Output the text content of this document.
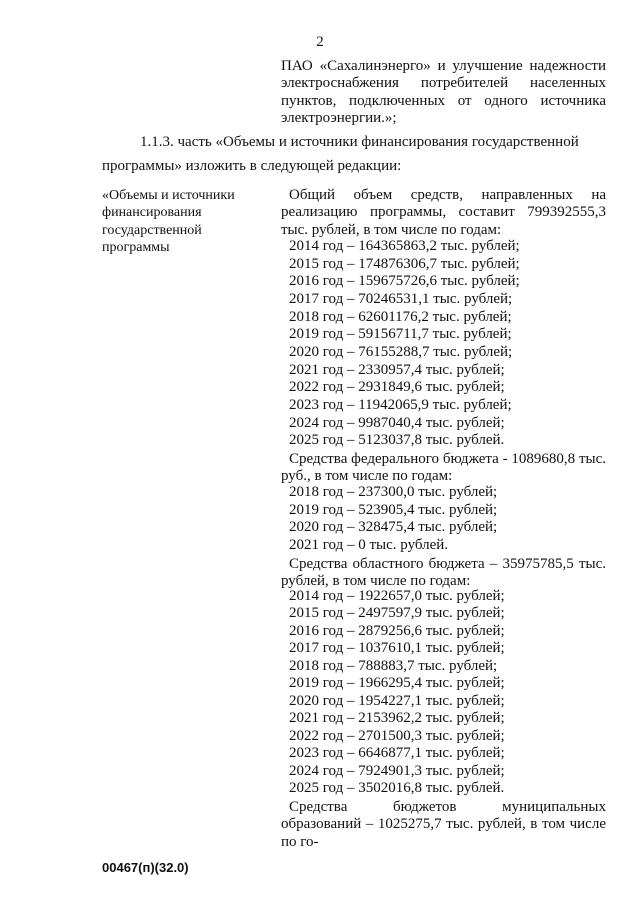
2
ПАО «Сахалинэнерго» и улучшение надежности электроснабжения потребителей населенных пунктов, подключенных от одного источника электроэнергии.»;
1.1.3. часть «Объемы и источники финансирования государственной
программы» изложить в следующей редакции:
«Объемы и источники финансирования государственной программы
Общий объем средств, направленных на реализацию программы, составит 799392555,3 тыс. рублей, в том числе по годам:
2014 год – 164365863,2 тыс. рублей;
2015 год – 174876306,7 тыс. рублей;
2016 год – 159675726,6 тыс. рублей;
2017 год – 70246531,1 тыс. рублей;
2018 год – 62601176,2 тыс. рублей;
2019 год – 59156711,7 тыс. рублей;
2020 год – 76155288,7 тыс. рублей;
2021 год – 2330957,4 тыс. рублей;
2022 год – 2931849,6 тыс. рублей;
2023 год – 11942065,9 тыс. рублей;
2024 год – 9987040,4 тыс. рублей;
2025 год – 5123037,8 тыс. рублей.
Средства федерального бюджета - 1089680,8 тыс. руб., в том числе по годам:
2018 год – 237300,0 тыс. рублей;
2019 год – 523905,4 тыс. рублей;
2020 год – 328475,4 тыс. рублей;
2021 год – 0 тыс. рублей.
Средства областного бюджета – 35975785,5 тыс. рублей, в том числе по годам:
2014 год – 1922657,0 тыс. рублей;
2015 год – 2497597,9 тыс. рублей;
2016 год – 2879256,6 тыс. рублей;
2017 год – 1037610,1 тыс. рублей;
2018 год – 788883,7 тыс. рублей;
2019 год – 1966295,4 тыс. рублей;
2020 год – 1954227,1 тыс. рублей;
2021 год – 2153962,2 тыс. рублей;
2022 год – 2701500,3 тыс. рублей;
2023 год – 6646877,1 тыс. рублей;
2024 год – 7924901,3 тыс. рублей;
2025 год – 3502016,8 тыс. рублей.
Средства бюджетов муниципальных образований – 1025275,7 тыс. рублей, в том числе по го-
00467(п)(32.0)
